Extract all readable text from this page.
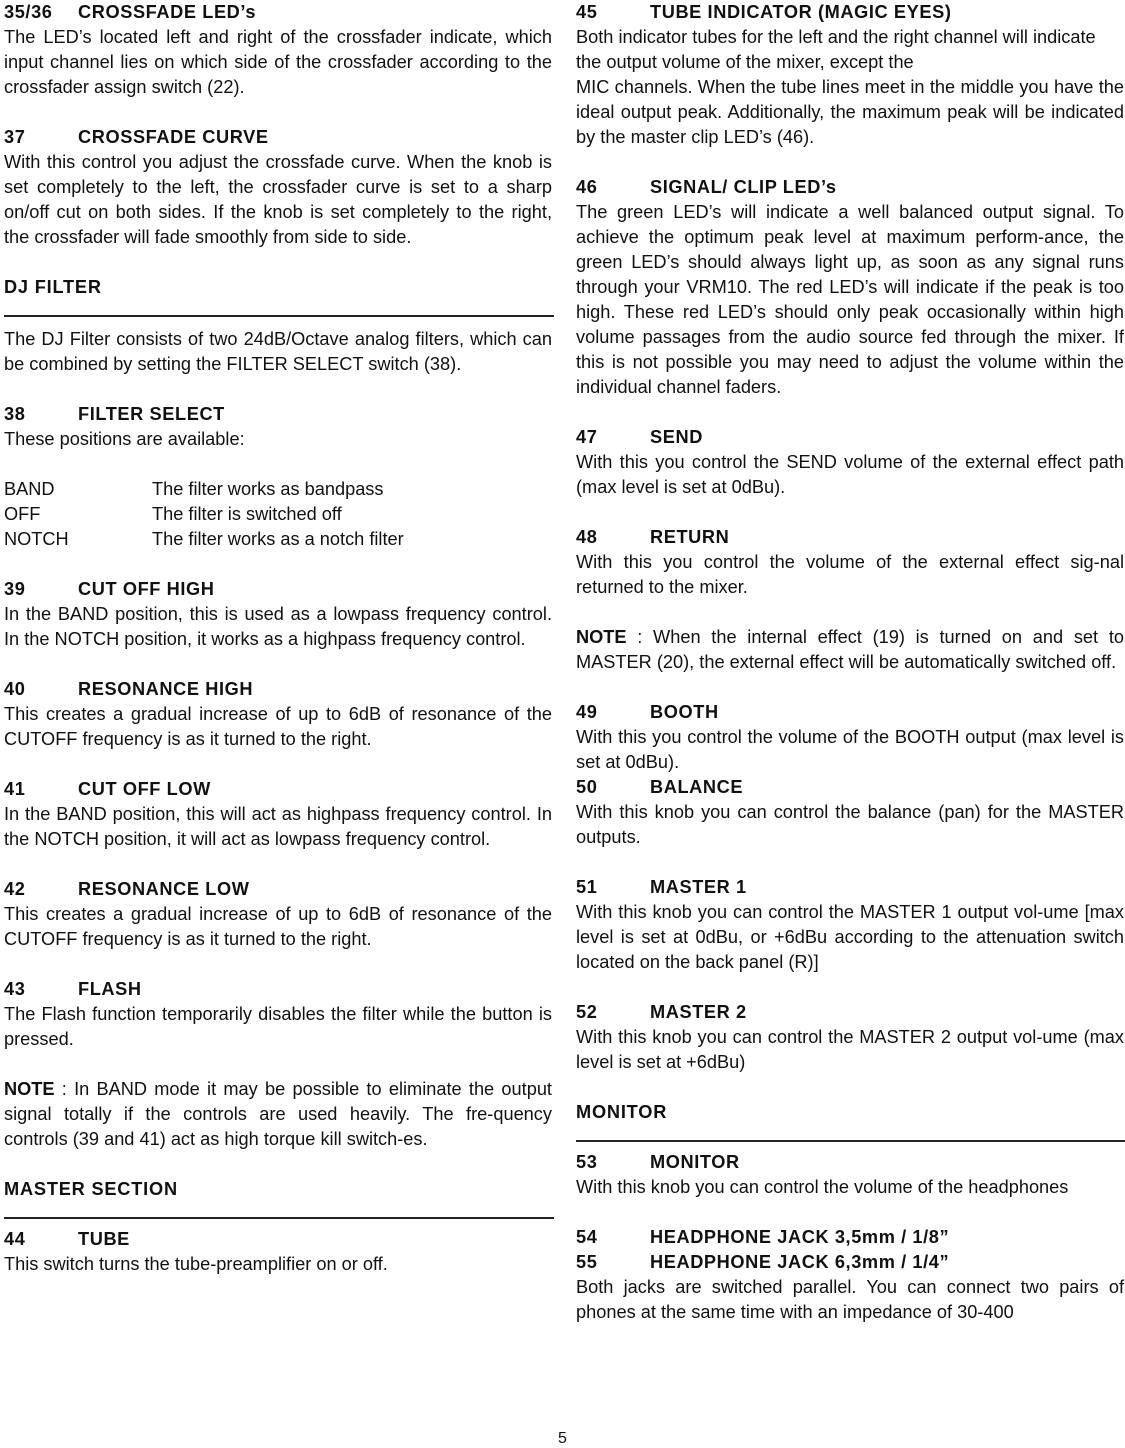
35/36 CROSSFADE LED’s
The LED’s located left and right of the crossfader indicate, which input channel lies on which side of the crossfader according to the crossfader assign switch (22).
37	CROSSFADE CURVE
With this control you adjust the crossfade curve. When the knob is set completely to the left, the crossfader curve is set to a sharp on/off cut on both sides. If the knob is set completely to the right, the crossfader will fade smoothly from side to side.
DJ FILTER
The DJ Filter consists of two 24dB/Octave analog filters, which can be combined by setting the FILTER SELECT switch (38).
38	FILTER SELECT
These positions are available:
BAND	The filter works as bandpass
OFF	The filter is switched off
NOTCH	The filter works as a notch filter
39	CUT OFF HIGH
In the BAND position, this is used as a lowpass frequency control. In the NOTCH position, it works as a highpass frequency control.
40	RESONANCE HIGH
This creates a gradual increase of up to 6dB of resonance of the CUTOFF frequency is as it turned to the right.
41	CUT OFF LOW
In the BAND position, this will act as highpass frequency control. In the NOTCH position, it will act as lowpass frequency control.
42	RESONANCE LOW
This creates a gradual increase of up to 6dB of resonance of the CUTOFF frequency is as it turned to the right.
43	FLASH
The Flash function temporarily disables the filter while the button is pressed.
NOTE : In BAND mode it may be possible to eliminate the output signal totally if the controls are used heavily. The fre-quency controls (39 and 41) act as high torque kill switch-es.
MASTER SECTION
44	TUBE
This switch turns the tube-preamplifier on or off.
45	TUBE INDICATOR (MAGIC EYES)
Both indicator tubes for the left and the right channel will indicate the output volume of the mixer, except the
MIC channels. When the tube lines meet in the middle you have the ideal output peak. Additionally, the maximum peak will be indicated by the master clip LED’s (46).
46	SIGNAL/ CLIP LED’s
The green LED’s will indicate a well balanced output signal. To achieve the optimum peak level at maximum perform-ance, the green LED’s should always light up, as soon as any signal runs through your VRM10. The red LED’s will indicate if the peak is too high. These red LED’s should only peak occasionally within high volume passages from the audio source fed through the mixer. If this is not possible you may need to adjust the volume within the individual channel faders.
47	SEND
With this you control the SEND volume of the external effect path (max level is set at 0dBu).
48	RETURN
With this you control the volume of the external effect sig-nal returned to the mixer.
NOTE : When the internal effect (19) is turned on and set to MASTER (20), the external effect will be automatically switched off.
49	BOOTH
With this you control the volume of the BOOTH output (max level is set at 0dBu).
50	BALANCE
With this knob you can control the balance (pan) for the MASTER outputs.
51	MASTER 1
With this knob you can control the MASTER 1 output vol-ume [max level is set at 0dBu, or +6dBu according to the attenuation switch located on the back panel (R)]
52	MASTER 2
With this knob you can control the MASTER 2 output vol-ume (max level is set at +6dBu)
MONITOR
53	MONITOR
With this knob you can control the volume of the headphones
54	HEADPHONE JACK 3,5mm / 1/8”
55	HEADPHONE JACK 6,3mm / 1/4”
Both jacks are switched parallel. You can connect two pairs of phones at the same time with an impedance of 30-400
5
